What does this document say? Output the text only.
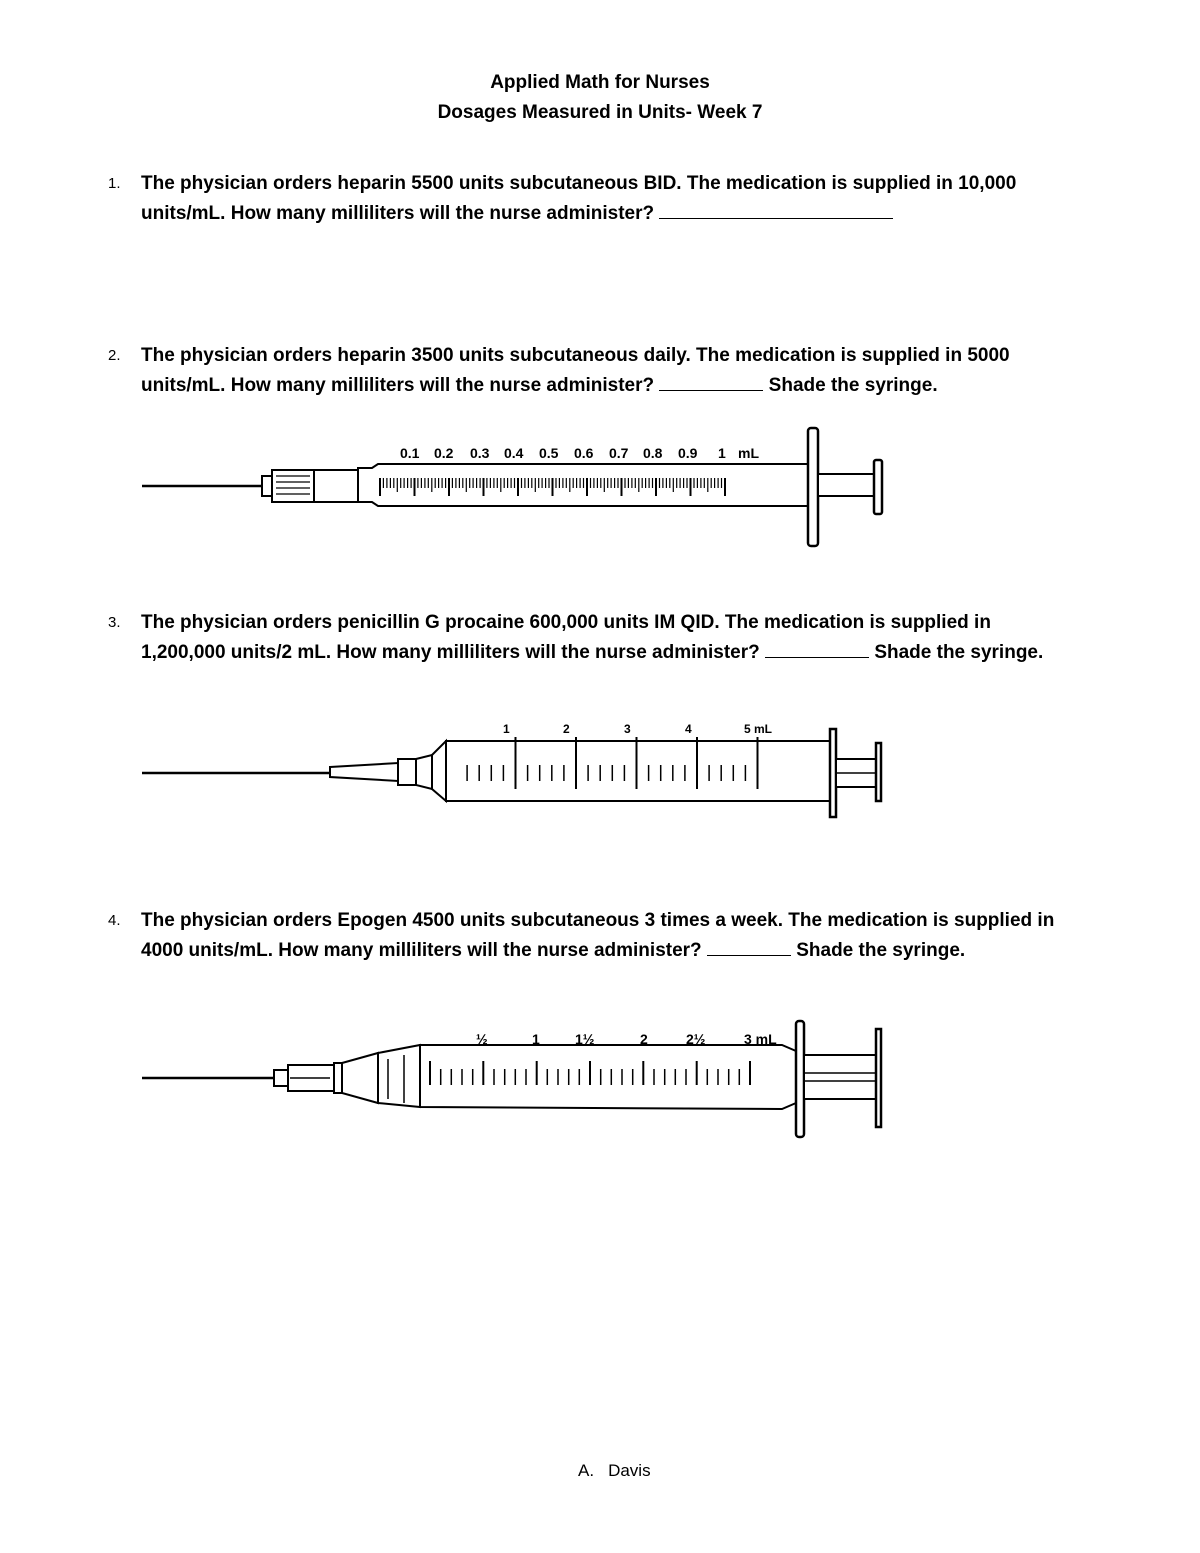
Applied Math for Nurses
Dosages Measured in Units- Week 7
1. The physician orders heparin 5500 units subcutaneous BID. The medication is supplied in 10,000 units/mL. How many milliliters will the nurse administer?
2. The physician orders heparin 3500 units subcutaneous daily. The medication is supplied in 5000 units/mL. How many milliliters will the nurse administer?	Shade the syringe.
0.1 0.2 0.3 0.4 0.5 0.6 0.7 0.8 0.9 1 mL
3. The physician orders penicillin G procaine 600,000 units IM QID. The medication is supplied in 1,200,000 units/2 mL. How many milliliters will the nurse administer?	Shade the syringe.
1	2	3	4	5 mL
4. The physician orders Epogen 4500 units subcutaneous 3 times a week. The medication is supplied in 4000 units/mL. How many milliliters will the nurse administer?	Shade the syringe.
½	1	1½	2	2½	3 mL
A. Davis
